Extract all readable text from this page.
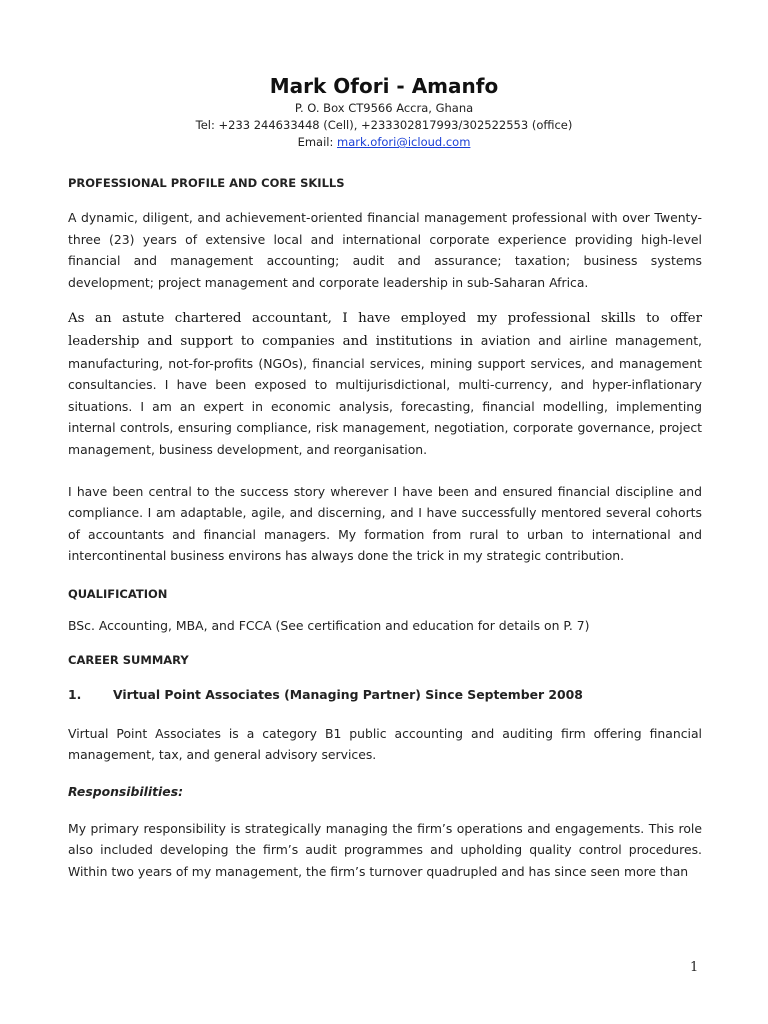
Mark Ofori - Amanfo
P. O. Box CT9566 Accra, Ghana
Tel: +233 244633448 (Cell), +233302817993/302522553 (office)
Email: mark.ofori@icloud.com
PROFESSIONAL PROFILE AND CORE SKILLS

A dynamic, diligent, and achievement-oriented financial management professional with over Twenty-three (23) years of extensive local and international corporate experience providing high-level financial and management accounting; audit and assurance; taxation; business systems development; project management and corporate leadership in sub-Saharan Africa.

As an astute chartered accountant, I have employed my professional skills to offer leadership and support to companies and institutions in aviation and airline management, manufacturing, not-for-profits (NGOs), financial services, mining support services, and management consultancies. I have been exposed to multijurisdictional, multi-currency, and hyper-inflationary situations. I am an expert in economic analysis, forecasting, financial modelling, implementing internal controls, ensuring compliance, risk management, negotiation, corporate governance, project management, business development, and reorganisation.

I have been central to the success story wherever I have been and ensured financial discipline and compliance. I am adaptable, agile, and discerning, and I have successfully mentored several cohorts of accountants and financial managers. My formation from rural to urban to international and intercontinental business environs has always done the trick in my strategic contribution.

QUALIFICATION

BSc. Accounting, MBA, and FCCA (See certification and education for details on P. 7)

CAREER SUMMARY
1.	Virtual Point Associates (Managing Partner) Since September 2008

Virtual Point Associates is a category B1 public accounting and auditing firm offering financial management, tax, and general advisory services.

Responsibilities:

My primary responsibility is strategically managing the firm’s operations and engagements. This role also included developing the firm’s audit programmes and upholding quality control procedures. Within two years of my management, the firm’s turnover quadrupled and has since seen more than

1
